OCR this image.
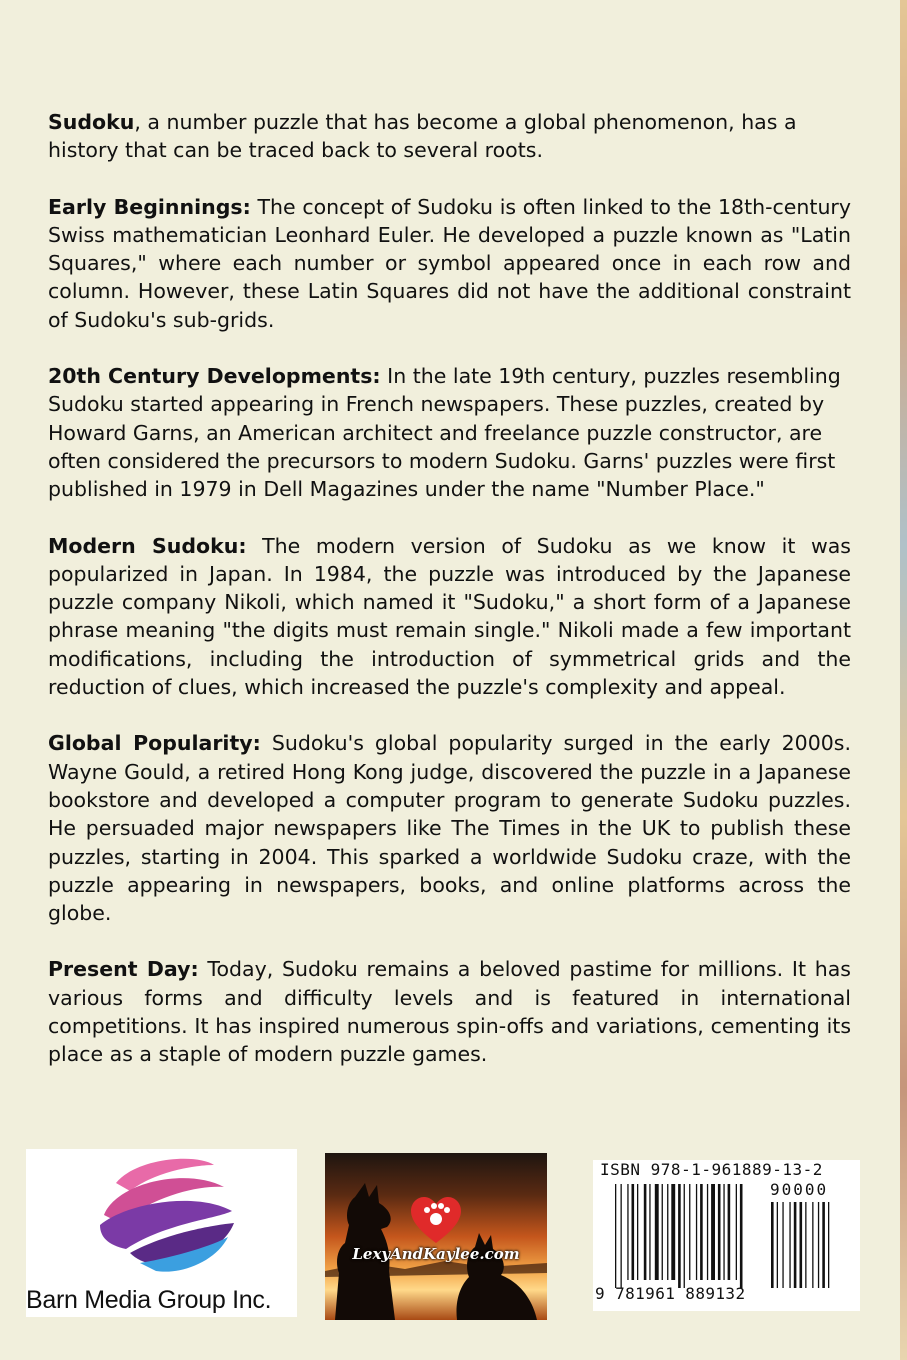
Sudoku, a number puzzle that has become a global phenomenon, has a history that can be traced back to several roots.

Early Beginnings: The concept of Sudoku is often linked to the 18th-century Swiss mathematician Leonhard Euler. He developed a puzzle known as "Latin Squares," where each number or symbol appeared once in each row and column. However, these Latin Squares did not have the additional constraint of Sudoku's sub-grids.

20th Century Developments: In the late 19th century, puzzles resembling Sudoku started appearing in French newspapers. These puzzles, created by Howard Garns, an American architect and freelance puzzle constructor, are often considered the precursors to modern Sudoku. Garns' puzzles were first published in 1979 in Dell Magazines under the name "Number Place."

Modern Sudoku: The modern version of Sudoku as we know it was popularized in Japan. In 1984, the puzzle was introduced by the Japanese puzzle company Nikoli, which named it "Sudoku," a short form of a Japanese phrase meaning "the digits must remain single." Nikoli made a few important modifications, including the introduction of symmetrical grids and the reduction of clues, which increased the puzzle's complexity and appeal.

Global Popularity: Sudoku's global popularity surged in the early 2000s. Wayne Gould, a retired Hong Kong judge, discovered the puzzle in a Japanese bookstore and developed a computer program to generate Sudoku puzzles. He persuaded major newspapers like The Times in the UK to publish these puzzles, starting in 2004. This sparked a worldwide Sudoku craze, with the puzzle appearing in newspapers, books, and online platforms across the globe.

Present Day: Today, Sudoku remains a beloved pastime for millions. It has various forms and difficulty levels and is featured in international competitions. It has inspired numerous spin-offs and variations, cementing its place as a staple of modern puzzle games.

Barn Media Group Inc.
LexyAndKaylee.com
ISBN 978-1-961889-13-2
90000
9 781961 889132
